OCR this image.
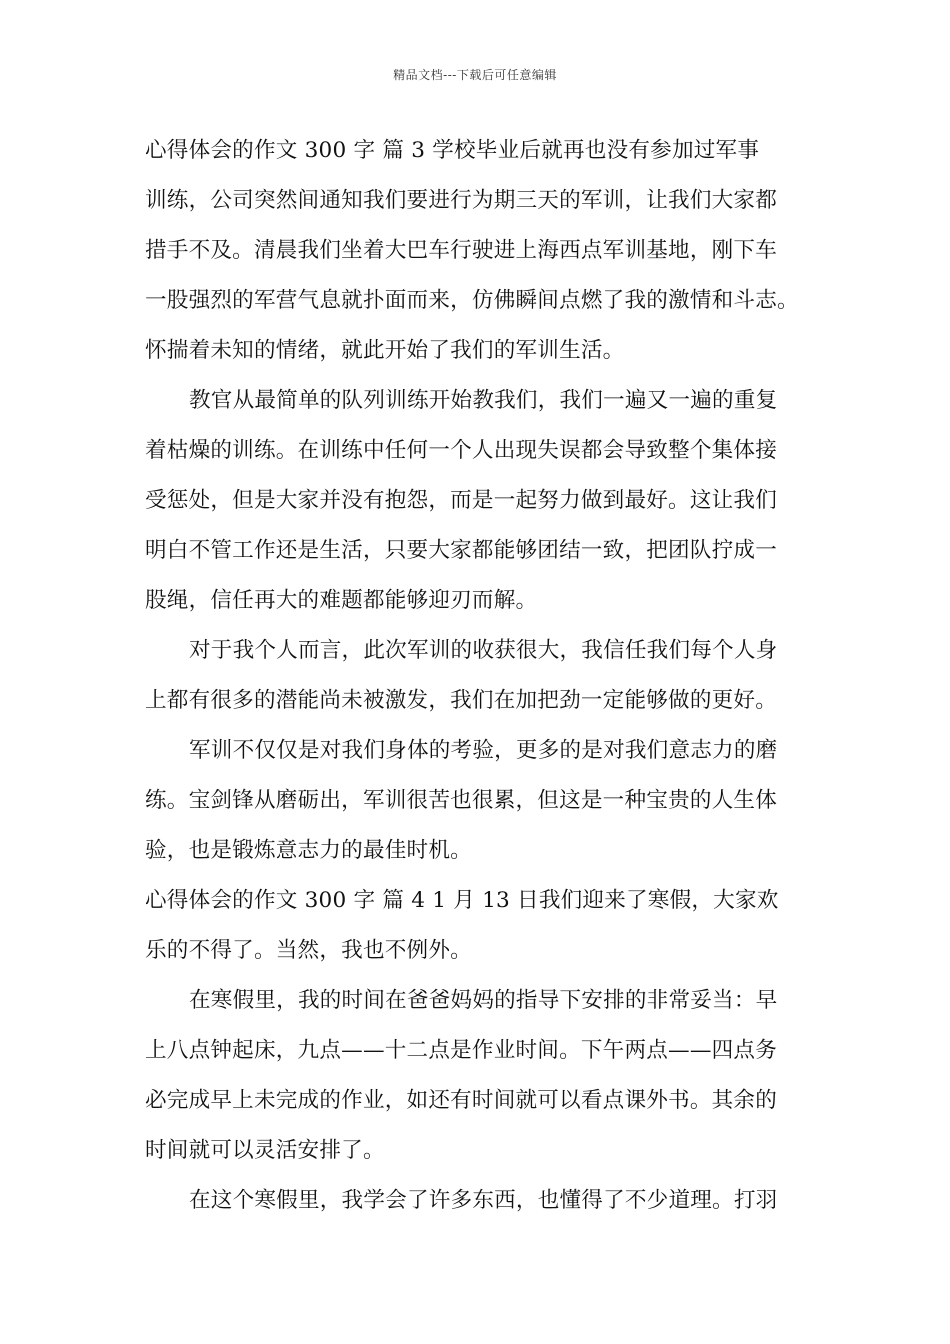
精品文档---下载后可任意编辑
心得体会的作文 300 字 篇 3 学校毕业后就再也没有参加过军事
训练，公司突然间通知我们要进行为期三天的军训，让我们大家都
措手不及。清晨我们坐着大巴车行驶进上海西点军训基地，刚下车
一股强烈的军营气息就扑面而来，仿佛瞬间点燃了我的激情和斗志。
怀揣着未知的情绪，就此开始了我们的军训生活。
教官从最简单的队列训练开始教我们，我们一遍又一遍的重复
着枯燥的训练。在训练中任何一个人出现失误都会导致整个集体接
受惩处，但是大家并没有抱怨，而是一起努力做到最好。这让我们
明白不管工作还是生活，只要大家都能够团结一致，把团队拧成一
股绳，信任再大的难题都能够迎刃而解。
对于我个人而言，此次军训的收获很大，我信任我们每个人身
上都有很多的潜能尚未被激发，我们在加把劲一定能够做的更好。
军训不仅仅是对我们身体的考验，更多的是对我们意志力的磨
练。宝剑锋从磨砺出，军训很苦也很累，但这是一种宝贵的人生体
验，也是锻炼意志力的最佳时机。
心得体会的作文 300 字 篇 4 1 月 13 日我们迎来了寒假，大家欢
乐的不得了。当然，我也不例外。
在寒假里，我的时间在爸爸妈妈的指导下安排的非常妥当：早
上八点钟起床，九点——十二点是作业时间。下午两点——四点务
必完成早上未完成的作业，如还有时间就可以看点课外书。其余的
时间就可以灵活安排了。
在这个寒假里，我学会了许多东西，也懂得了不少道理。打羽
